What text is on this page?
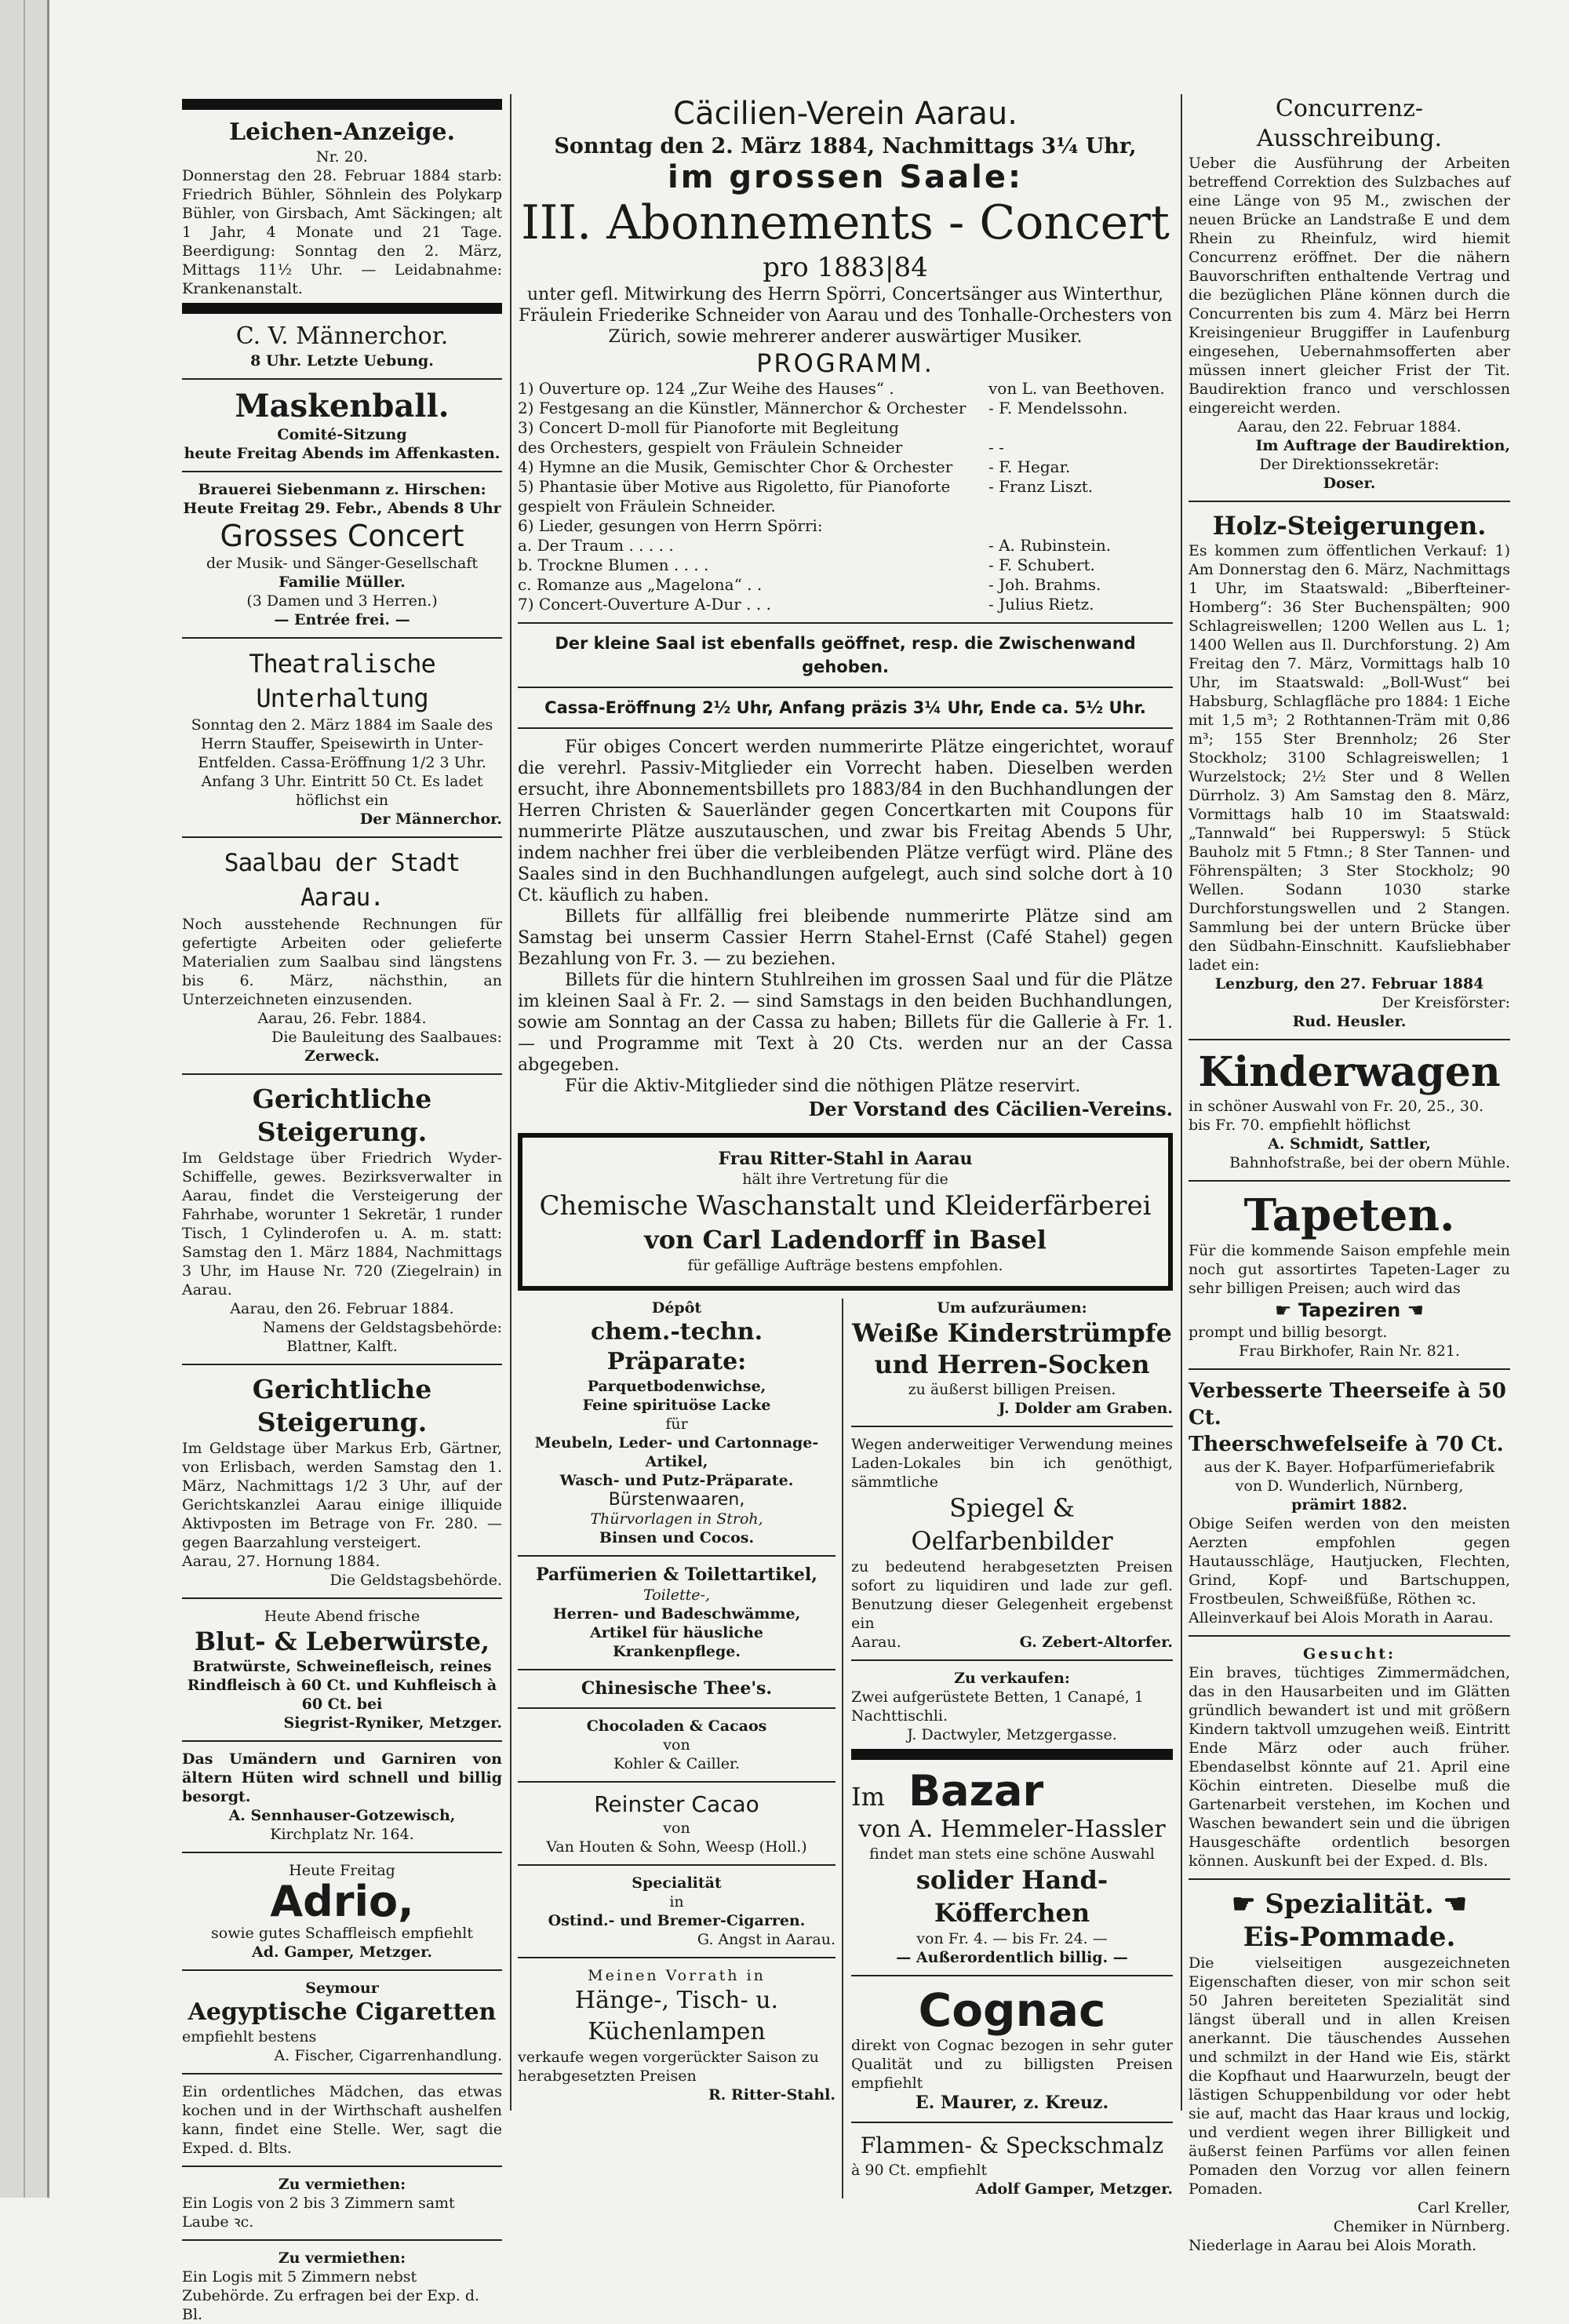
Leichen-Anzeige.
Nr. 20.

Donnerstag den 28. Februar 1884 starb: Friedrich Bühler, Söhnlein des Polykarp Bühler, von Girsbach, Amt Säckingen; alt 1 Jahr, 4 Monate und 21 Tage. Beerdigung: Sonntag den 2. März, Mittags 11½ Uhr. — Leidabnahme: Krankenanstalt.

C. V. Männerchor.
8 Uhr. Letzte Uebung.
Maskenball.
Comité-Sitzung
heute Freitag Abends im Affenkasten.
Brauerei Siebenmann z. Hirschen:
Heute Freitag 29. Febr., Abends 8 Uhr
Grosses Concert
der Musik- und Sänger-Gesellschaft
Familie Müller.
(3 Damen und 3 Herren.)
— Entrée frei. —
Theatralische Unterhaltung

Sonntag den 2. März 1884 im Saale des Herrn Stauffer, Speisewirth in Unter-Entfelden. Cassa-Eröffnung 1/2 3 Uhr. Anfang 3 Uhr. Eintritt 50 Ct. Es ladet höflichst ein

Der Männerchor.
Saalbau der Stadt Aarau.

Noch ausstehende Rechnungen für gefertigte Arbeiten oder gelieferte Materialien zum Saalbau sind längstens bis 6. März, nächsthin, an Unterzeichneten einzusenden.

Aarau, 26. Febr. 1884.
Die Bauleitung des Saalbaues:
Zerweck.
Gerichtliche Steigerung.

Im Geldstage über Friedrich Wyder-Schiffelle, gewes. Bezirksverwalter in Aarau, findet die Versteigerung der Fahrhabe, worunter 1 Sekretär, 1 runder Tisch, 1 Cylinderofen u. A. m. statt: Samstag den 1. März 1884, Nachmittags 3 Uhr, im Hause Nr. 720 (Ziegelrain) in Aarau.

Aarau, den 26. Februar 1884.
Namens der Geldstagsbehörde:
Blattner, Kalft.
Gerichtliche Steigerung.

Im Geldstage über Markus Erb, Gärtner, von Erlisbach, werden Samstag den 1. März, Nachmittags 1/2 3 Uhr, auf der Gerichtskanzlei Aarau einige illiquide Aktivposten im Betrage von Fr. 280. — gegen Baarzahlung versteigert.

Aarau, 27. Hornung 1884.
Die Geldstagsbehörde.
Heute Abend frische
Blut- & Leberwürste,

Bratwürste, Schweinefleisch, reines Rindfleisch à 60 Ct. und Kuhfleisch à 60 Ct. bei

Siegrist-Ryniker, Metzger.

Das Umändern und Garniren von ältern Hüten wird schnell und billig besorgt.

A. Sennhauser-Gotzewisch,
Kirchplatz Nr. 164.
Heute Freitag
Adrio,
sowie gutes Schaffleisch empfiehlt
Ad. Gamper, Metzger.
Seymour
Aegyptische Cigaretten
empfiehlt bestens
A. Fischer, Cigarrenhandlung.

Ein ordentliches Mädchen, das etwas kochen und in der Wirthschaft aushelfen kann, findet eine Stelle. Wer, sagt die Exped. d. Blts.

Zu vermiethen:

Ein Logis von 2 bis 3 Zimmern samt Laube ꝛc.

Zu vermiethen:

Ein Logis mit 5 Zimmern nebst Zubehörde. Zu erfragen bei der Exp. d. Bl.

Cäcilien-Verein Aarau.
Sonntag den 2. März 1884, Nachmittags 3¼ Uhr,
im grossen Saale:
III. Abonnements - Concert
pro 1883|84

unter gefl. Mitwirkung des Herrn Spörri, Concertsänger aus Winterthur, Fräulein Friederike Schneider von Aarau und des Tonhalle-Orchesters von Zürich, sowie mehrerer anderer auswärtiger Musiker.

PROGRAMM.
1) Ouverture op. 124 „Zur Weihe des Hauses“ .	von L. van Beethoven.
2) Festgesang an die Künstler, Männerchor & Orchester	- F. Mendelssohn.
3) Concert D-moll für Pianoforte mit Begleitung
des Orchesters, gespielt von Fräulein Schneider	- -
4) Hymne an die Musik, Gemischter Chor & Orchester	- F. Hegar.
5) Phantasie über Motive aus Rigoletto, für Pianoforte	- Franz Liszt.
gespielt von Fräulein Schneider.
6) Lieder, gesungen von Herrn Spörri:
a. Der Traum . . . . .	- A. Rubinstein.
b. Trockne Blumen . . . .	- F. Schubert.
c. Romanze aus „Magelona“ . .	- Joh. Brahms.
7) Concert-Ouverture A-Dur . . .	- Julius Rietz.
Der kleine Saal ist ebenfalls geöffnet, resp. die Zwischenwand gehoben.
Cassa-Eröffnung 2½ Uhr, Anfang präzis 3¼ Uhr, Ende ca. 5½ Uhr.

Für obiges Concert werden nummerirte Plätze eingerichtet, worauf die verehrl. Passiv-Mitglieder ein Vorrecht haben. Dieselben werden ersucht, ihre Abonnementsbillets pro 1883/84 in den Buchhandlungen der Herren Christen & Sauerländer gegen Concertkarten mit Coupons für nummerirte Plätze auszutauschen, und zwar bis Freitag Abends 5 Uhr, indem nachher frei über die verbleibenden Plätze verfügt wird. Pläne des Saales sind in den Buchhandlungen aufgelegt, auch sind solche dort à 10 Ct. käuflich zu haben.

Billets für allfällig frei bleibende nummerirte Plätze sind am Samstag bei unserm Cassier Herrn Stahel-Ernst (Café Stahel) gegen Bezahlung von Fr. 3. — zu beziehen.

Billets für die hintern Stuhlreihen im grossen Saal und für die Plätze im kleinen Saal à Fr. 2. — sind Samstags in den beiden Buchhandlungen, sowie am Sonntag an der Cassa zu haben; Billets für die Gallerie à Fr. 1. — und Programme mit Text à 20 Cts. werden nur an der Cassa abgegeben.

Für die Aktiv-Mitglieder sind die nöthigen Plätze reservirt.

Der Vorstand des Cäcilien-Vereins.
Frau Ritter-Stahl in Aarau
hält ihre Vertretung für die
Chemische Waschanstalt und Kleiderfärberei
von Carl Ladendorff in Basel
für gefällige Aufträge bestens empfohlen.
Dépôt
chem.-techn. Präparate:
Parquetbodenwichse,
Feine spirituöse Lacke
für
Meubeln, Leder- und Cartonnage-Artikel,
Wasch- und Putz-Präparate.
Bürstenwaaren,
Thürvorlagen in Stroh,
Binsen und Cocos.
Parfümerien & Toilettartikel,
Toilette-,
Herren- und Badeschwämme,
Artikel für häusliche
Krankenpflege.
Chinesische Thee's.
Chocoladen & Cacaos
von
Kohler & Cailler.
Reinster Cacao
von
Van Houten & Sohn, Weesp (Holl.)
Specialität
in
Ostind.- und Bremer-Cigarren.
G. Angst in Aarau.
Meinen Vorrath in
Hänge-, Tisch- u. Küchenlampen

verkaufe wegen vorgerückter Saison zu herabgesetzten Preisen

R. Ritter-Stahl.
Um aufzuräumen:
Weiße Kinderstrümpfe und Herren-Socken
zu äußerst billigen Preisen.
J. Dolder am Graben.

Wegen anderweitiger Verwendung meines Laden-Lokales bin ich genöthigt, sämmtliche

Spiegel & Oelfarbenbilder

zu bedeutend herabgesetzten Preisen sofort zu liquidiren und lade zur gefl. Benutzung dieser Gelegenheit ergebenst ein

Aarau.	G. Zebert-Altorfer.
Zu verkaufen:

Zwei aufgerüstete Betten, 1 Canapé, 1 Nachttischli.

J. Dactwyler, Metzgergasse.
Im Bazar
von A. Hemmeler-Hassler
findet man stets eine schöne Auswahl
solider Hand-Köfferchen
von Fr. 4. — bis Fr. 24. —
— Außerordentlich billig. —
Cognac

direkt von Cognac bezogen in sehr guter Qualität und zu billigsten Preisen empfiehlt

E. Maurer, z. Kreuz.
Flammen- & Speckschmalz
à 90 Ct. empfiehlt
Adolf Gamper, Metzger.
Concurrenz-Ausschreibung.

Ueber die Ausführung der Arbeiten betreffend Correktion des Sulzbaches auf eine Länge von 95 M., zwischen der neuen Brücke an Landstraße E und dem Rhein zu Rheinfulz, wird hiemit Concurrenz eröffnet. Der die nähern Bauvorschriften enthaltende Vertrag und die bezüglichen Pläne können durch die Concurrenten bis zum 4. März bei Herrn Kreisingenieur Bruggiffer in Laufenburg eingesehen, Uebernahmsofferten aber müssen innert gleicher Frist der Tit. Baudirektion franco und verschlossen eingereicht werden.

Aarau, den 22. Februar 1884.
Im Auftrage der Baudirektion,
Der Direktionssekretär:
Doser.
Holz-Steigerungen.

Es kommen zum öffentlichen Verkauf: 1) Am Donnerstag den 6. März, Nachmittags 1 Uhr, im Staatswald: „Biberfteiner-Homberg“: 36 Ster Buchenspälten; 900 Schlagreiswellen; 1200 Wellen aus L. 1; 1400 Wellen aus Il. Durchforstung. 2) Am Freitag den 7. März, Vormittags halb 10 Uhr, im Staatswald: „Boll-Wust“ bei Habsburg, Schlagfläche pro 1884: 1 Eiche mit 1,5 m³; 2 Rothtannen-Träm mit 0,86 m³; 155 Ster Brennholz; 26 Ster Stockholz; 3100 Schlagreiswellen; 1 Wurzelstock; 2½ Ster und 8 Wellen Dürrholz. 3) Am Samstag den 8. März, Vormittags halb 10 im Staatswald: „Tannwald“ bei Rupperswyl: 5 Stück Bauholz mit 5 Ftmn.; 8 Ster Tannen- und Föhrenspälten; 3 Ster Stockholz; 90 Wellen. Sodann 1030 starke Durchforstungswellen und 2 Stangen. Sammlung bei der untern Brücke über den Südbahn-Einschnitt. Kaufsliebhaber ladet ein:

Lenzburg, den 27. Februar 1884
Der Kreisförster:
Rud. Heusler.
Kinderwagen

in schöner Auswahl von Fr. 20, 25., 30. bis Fr. 70. empfiehlt höflichst

A. Schmidt, Sattler,
Bahnhofstraße, bei der obern Mühle.
Tapeten.

Für die kommende Saison empfehle mein noch gut assortirtes Tapeten-Lager zu sehr billigen Preisen; auch wird das

☛ Tapeziren ☚
prompt und billig besorgt.
Frau Birkhofer, Rain Nr. 821.
Verbesserte Theerseife à 50 Ct.
Theerschwefelseife à 70 Ct.

aus der K. Bayer. Hofparfümeriefabrik von D. Wunderlich, Nürnberg,

prämirt 1882.

Obige Seifen werden von den meisten Aerzten empfohlen gegen Hautausschläge, Hautjucken, Flechten, Grind, Kopf- und Bartschuppen, Frostbeulen, Schweißfüße, Röthen ꝛc.

Alleinverkauf bei Alois Morath in Aarau.

Gesucht:

Ein braves, tüchtiges Zimmermädchen, das in den Hausarbeiten und im Glätten gründlich bewandert ist und mit größern Kindern taktvoll umzugehen weiß. Eintritt Ende März oder auch früher. Ebendaselbst könnte auf 21. April eine Köchin eintreten. Dieselbe muß die Gartenarbeit verstehen, im Kochen und Waschen bewandert sein und die übrigen Hausgeschäfte ordentlich besorgen können. Auskunft bei der Exped. d. Bls.

☛ Spezialität. ☚
Eis-Pommade.

Die vielseitigen ausgezeichneten Eigenschaften dieser, von mir schon seit 50 Jahren bereiteten Spezialität sind längst überall und in allen Kreisen anerkannt. Die täuschendes Aussehen und schmilzt in der Hand wie Eis, stärkt die Kopfhaut und Haarwurzeln, beugt der lästigen Schuppenbildung vor oder hebt sie auf, macht das Haar kraus und lockig, und verdient wegen ihrer Billigkeit und äußerst feinen Parfüms vor allen feinen Pomaden den Vorzug vor allen feinern Pomaden.

Carl Kreller,
Chemiker in Nürnberg.
Niederlage in Aarau bei Alois Morath.
